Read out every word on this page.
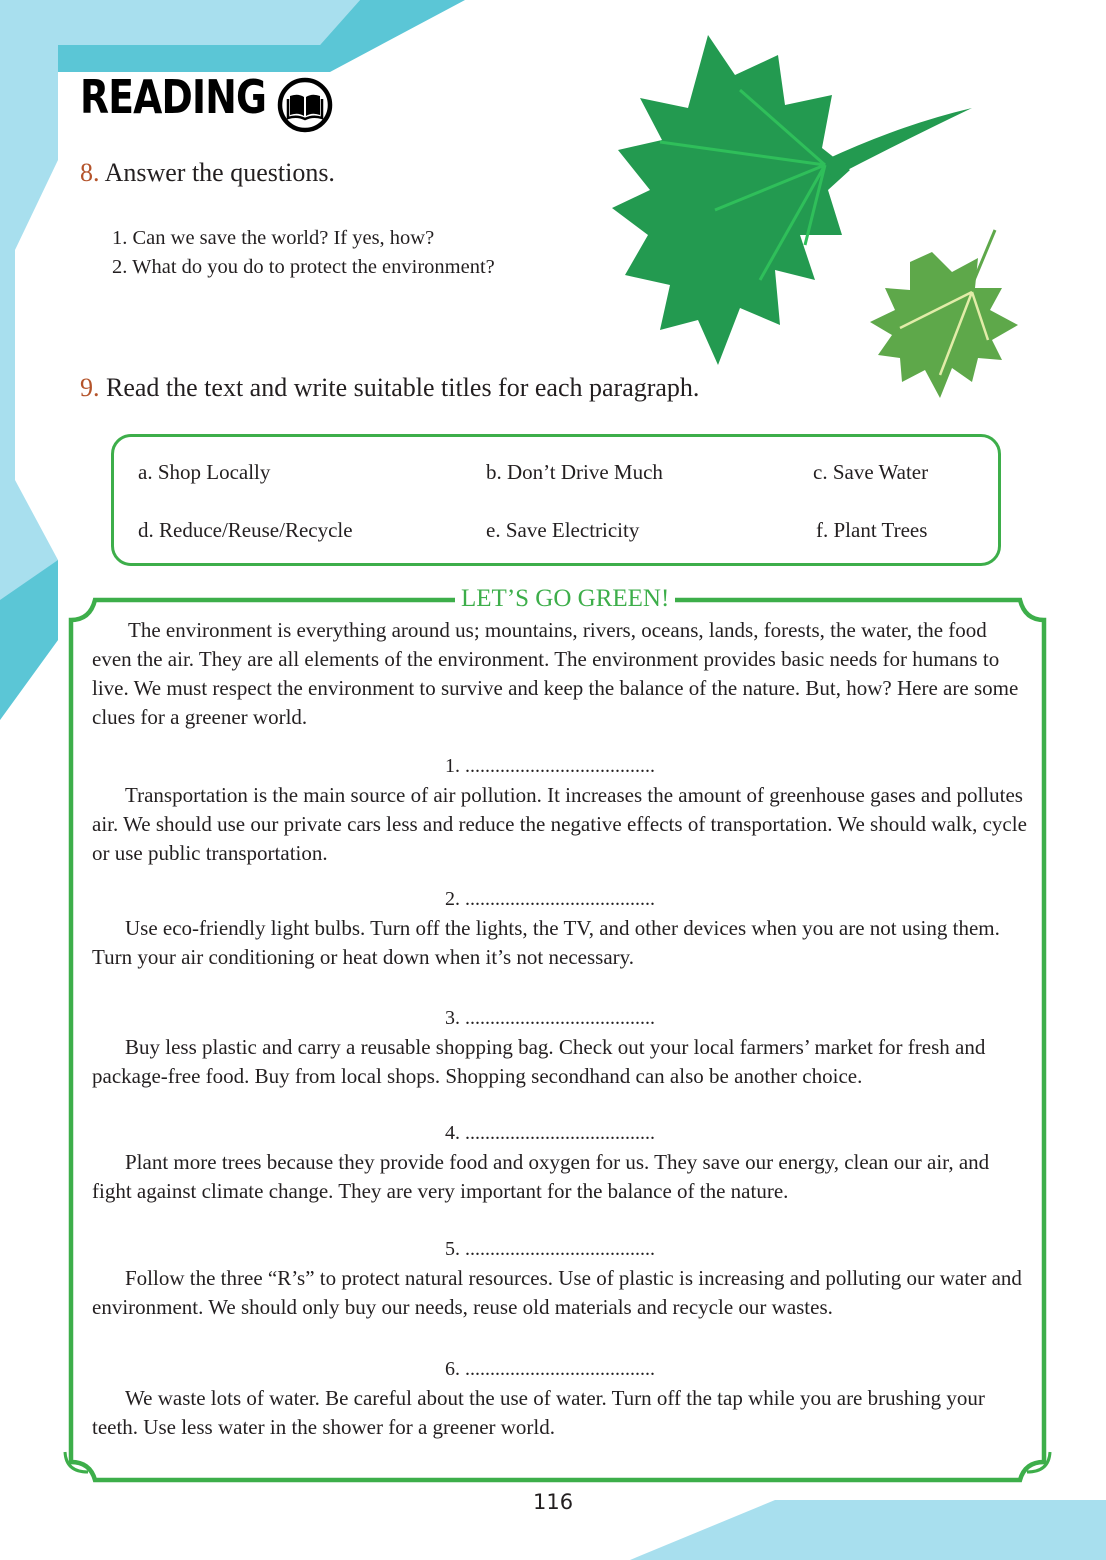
READING
8. Answer the questions.
1. Can we save the world? If yes, how?
2. What do you do to protect the environment?
9. Read the text and write suitable titles for each paragraph.
a. Shop Locally	b. Don’t Drive Much	c. Save Water
d. Reduce/Reuse/Recycle	e. Save Electricity	f. Plant Trees
LET’S GO GREEN!

The environment is everything around us; mountains, rivers, oceans, lands, forests, the water, the food even the air. They are all elements of the environment. The environment provides basic needs for humans to live. We must respect the environment to survive and keep the balance of the nature. But, how? Here are some clues for a greener world.

1. ......................................

Transportation is the main source of air pollution. It increases the amount of greenhouse gases and pollutes air. We should use our private cars less and reduce the negative effects of transportation. We should walk, cycle or use public transportation.

2. ......................................

Use eco-friendly light bulbs. Turn off the lights, the TV, and other devices when you are not using them. Turn your air conditioning or heat down when it’s not necessary.

3. ......................................

Buy less plastic and carry a reusable shopping bag. Check out your local farmers’ market for fresh and package-free food. Buy from local shops. Shopping secondhand can also be another choice.

4. ......................................

Plant more trees because they provide food and oxygen for us. They save our energy, clean our air, and fight against climate change. They are very important for the balance of the nature.

5. ......................................

Follow the three “R’s” to protect natural resources. Use of plastic is increasing and polluting our water and environment. We should only buy our needs, reuse old materials and recycle our wastes.

6. ......................................

We waste lots of water. Be careful about the use of water. Turn off the tap while you are brushing your teeth. Use less water in the shower for a greener world.

116
